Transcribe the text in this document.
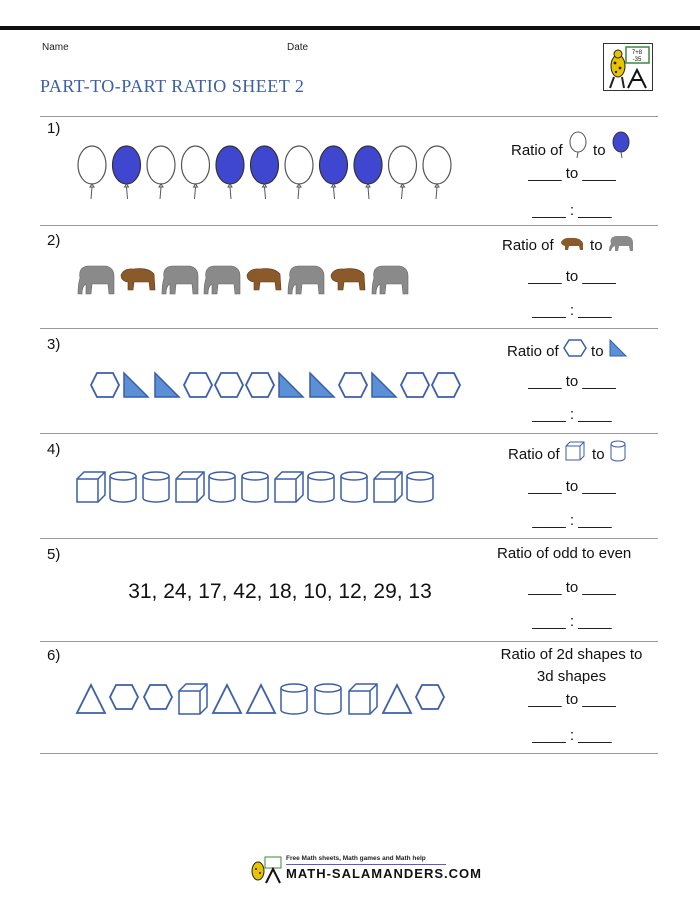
Name	Date
PART-TO-PART RATIO SHEET 2
7+8
-35
1)
Ratio of to
____ to ____
____ : ____
2)	Ratio of to
____ to ____
____ : ____
3)	Ratio of to
____ to ____
____ : ____
4)	Ratio of to
____ to ____
____ : ____
5)
31, 24, 17, 42, 18, 10, 12, 29, 13
Ratio of odd to even
____ to ____
____ : ____
6)	Ratio of 2d shapes to
3d shapes
____ to ____
____ : ____
Free Math sheets, Math games and Math help
MATH-SALAMANDERS.COM
